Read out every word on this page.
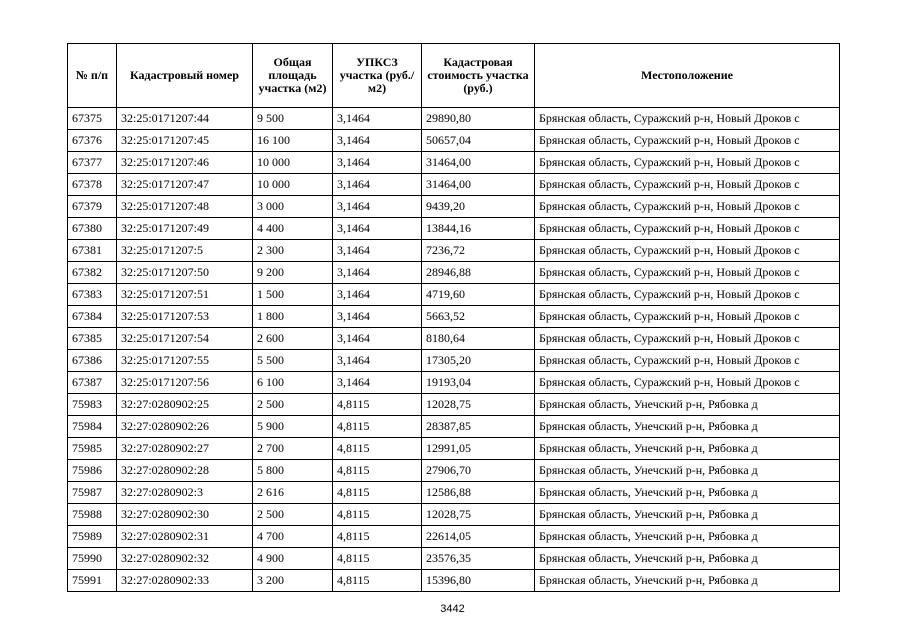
№ п/п	Кадастровый номер	Общая площадь участка (м2)	УПКСЗ участка (руб./м2)	Кадастровая стоимость участка (руб.)	Местоположение
67375	32:25:0171207:44	9 500	3,1464	29890,80	Брянская область, Суражский р-н, Новый Дроков с
67376	32:25:0171207:45	16 100	3,1464	50657,04	Брянская область, Суражский р-н, Новый Дроков с
67377	32:25:0171207:46	10 000	3,1464	31464,00	Брянская область, Суражский р-н, Новый Дроков с
67378	32:25:0171207:47	10 000	3,1464	31464,00	Брянская область, Суражский р-н, Новый Дроков с
67379	32:25:0171207:48	3 000	3,1464	9439,20	Брянская область, Суражский р-н, Новый Дроков с
67380	32:25:0171207:49	4 400	3,1464	13844,16	Брянская область, Суражский р-н, Новый Дроков с
67381	32:25:0171207:5	2 300	3,1464	7236,72	Брянская область, Суражский р-н, Новый Дроков с
67382	32:25:0171207:50	9 200	3,1464	28946,88	Брянская область, Суражский р-н, Новый Дроков с
67383	32:25:0171207:51	1 500	3,1464	4719,60	Брянская область, Суражский р-н, Новый Дроков с
67384	32:25:0171207:53	1 800	3,1464	5663,52	Брянская область, Суражский р-н, Новый Дроков с
67385	32:25:0171207:54	2 600	3,1464	8180,64	Брянская область, Суражский р-н, Новый Дроков с
67386	32:25:0171207:55	5 500	3,1464	17305,20	Брянская область, Суражский р-н, Новый Дроков с
67387	32:25:0171207:56	6 100	3,1464	19193,04	Брянская область, Суражский р-н, Новый Дроков с
75983	32:27:0280902:25	2 500	4,8115	12028,75	Брянская область, Унечский р-н, Рябовка д
75984	32:27:0280902:26	5 900	4,8115	28387,85	Брянская область, Унечский р-н, Рябовка д
75985	32:27:0280902:27	2 700	4,8115	12991,05	Брянская область, Унечский р-н, Рябовка д
75986	32:27:0280902:28	5 800	4,8115	27906,70	Брянская область, Унечский р-н, Рябовка д
75987	32:27:0280902:3	2 616	4,8115	12586,88	Брянская область, Унечский р-н, Рябовка д
75988	32:27:0280902:30	2 500	4,8115	12028,75	Брянская область, Унечский р-н, Рябовка д
75989	32:27:0280902:31	4 700	4,8115	22614,05	Брянская область, Унечский р-н, Рябовка д
75990	32:27:0280902:32	4 900	4,8115	23576,35	Брянская область, Унечский р-н, Рябовка д
75991	32:27:0280902:33	3 200	4,8115	15396,80	Брянская область, Унечский р-н, Рябовка д
3442
